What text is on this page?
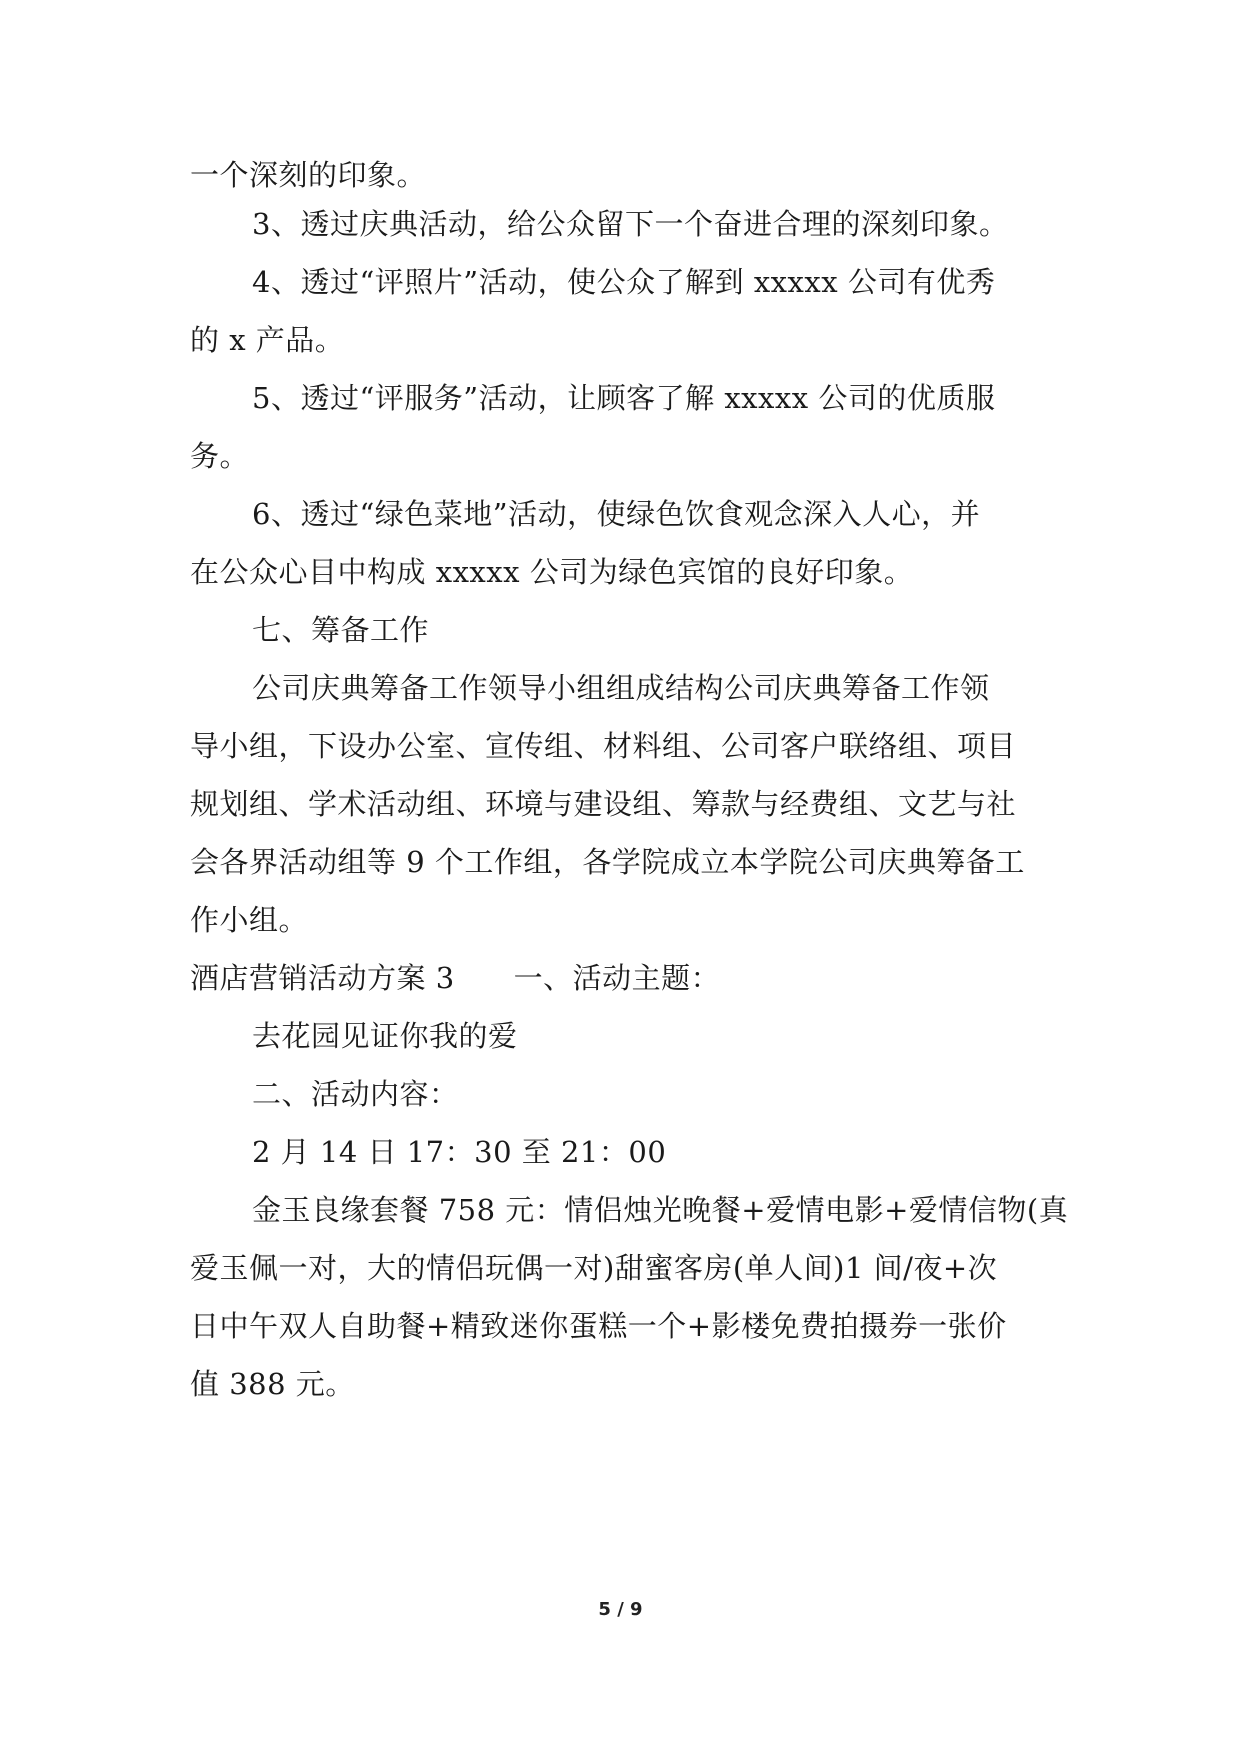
一个深刻的印象。
3、透过庆典活动，给公众留下一个奋进合理的深刻印象。
4、透过“评照片”活动，使公众了解到 xxxxx 公司有优秀
的 x 产品。
5、透过“评服务”活动，让顾客了解 xxxxx 公司的优质服
务。
6、透过“绿色菜地”活动，使绿色饮食观念深入人心，并
在公众心目中构成 xxxxx 公司为绿色宾馆的良好印象。
七、筹备工作
公司庆典筹备工作领导小组组成结构公司庆典筹备工作领
导小组，下设办公室、宣传组、材料组、公司客户联络组、项目
规划组、学术活动组、环境与建设组、筹款与经费组、文艺与社
会各界活动组等 9 个工作组，各学院成立本学院公司庆典筹备工
作小组。
酒店营销活动方案 3　　一、活动主题：
去花园见证你我的爱
二、活动内容：
2 月 14 日 17：30 至 21：00
金玉良缘套餐 758 元：情侣烛光晚餐+爱情电影+爱情信物(真
爱玉佩一对，大的情侣玩偶一对)甜蜜客房(单人间)1 间/夜+次
日中午双人自助餐+精致迷你蛋糕一个+影楼免费拍摄券一张价
值 388 元。
5 / 9
